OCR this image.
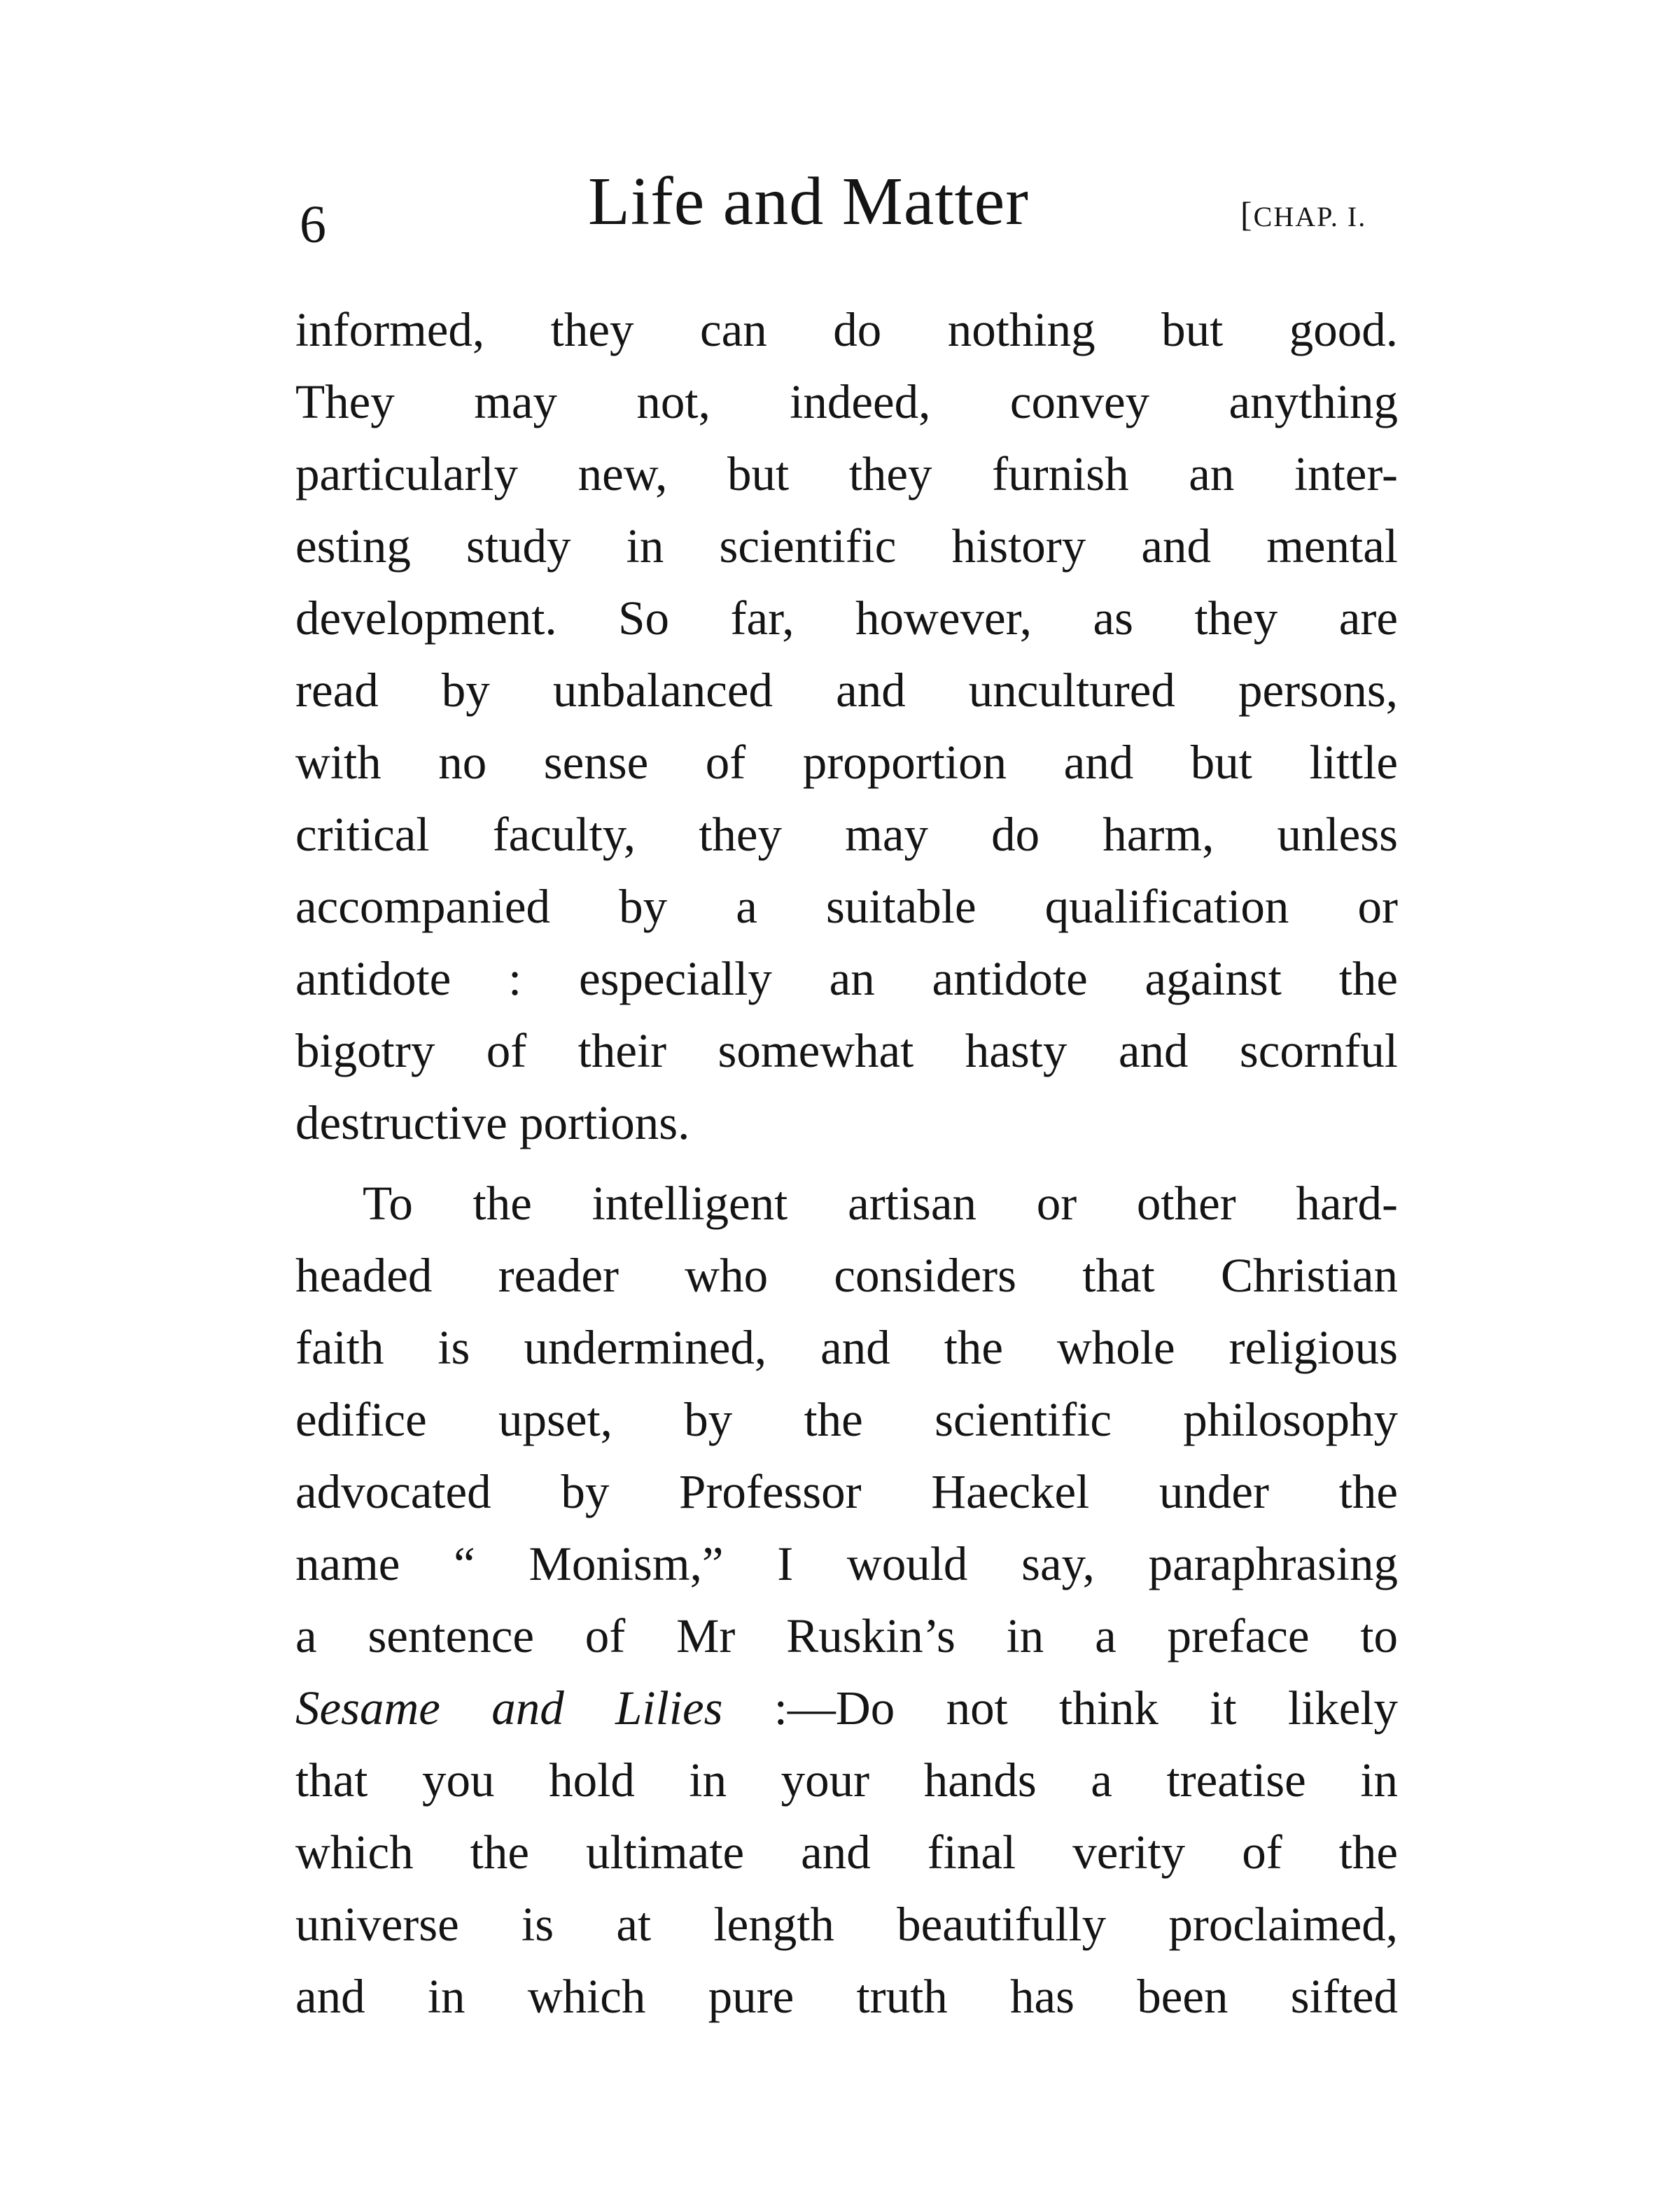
6	Life and Matter	[CHAP. I.
informed, they can do nothing but good.
They may not, indeed, convey anything
particularly new, but they furnish an inter-
esting study in scientific history and mental
development. So far, however, as they are
read by unbalanced and uncultured persons,
with no sense of proportion and but little
critical faculty, they may do harm, unless
accompanied by a suitable qualification or
antidote : especially an antidote against the
bigotry of their somewhat hasty and scornful
destructive portions.
To the intelligent artisan or other hard-
headed reader who considers that Christian
faith is undermined, and the whole religious
edifice upset, by the scientific philosophy
advocated by Professor Haeckel under the
name “ Monism,” I would say, paraphrasing
a sentence of Mr Ruskin’s in a preface to
Sesame and Lilies :—Do not think it likely
that you hold in your hands a treatise in
which the ultimate and final verity of the
universe is at length beautifully proclaimed,
and in which pure truth has been sifted
